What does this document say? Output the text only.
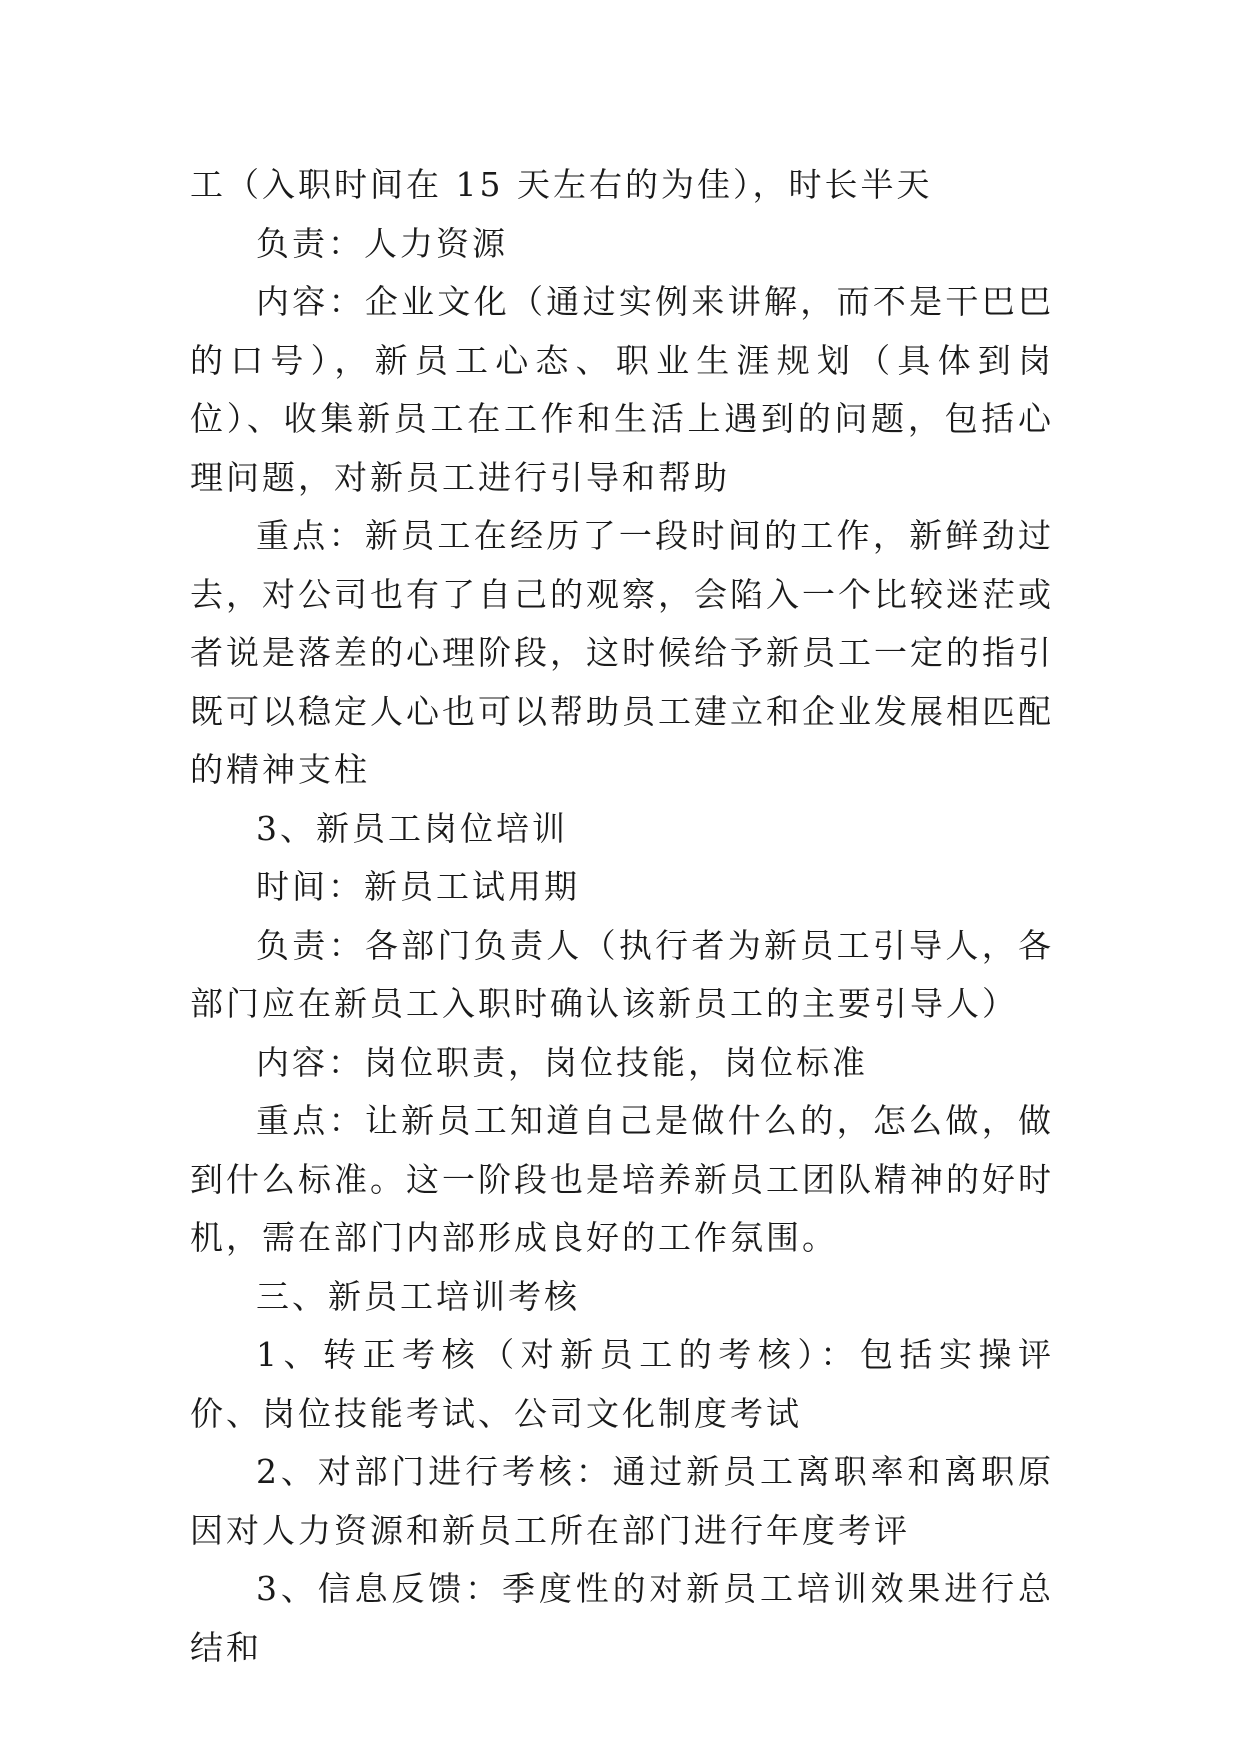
工（入职时间在 15 天左右的为佳），时长半天

负责：人力资源

内容：企业文化（通过实例来讲解，而不是干巴巴的口号），新员工心态、职业生涯规划（具体到岗位）、收集新员工在工作和生活上遇到的问题，包括心理问题，对新员工进行引导和帮助

重点：新员工在经历了一段时间的工作，新鲜劲过去，对公司也有了自己的观察，会陷入一个比较迷茫或者说是落差的心理阶段，这时候给予新员工一定的指引既可以稳定人心也可以帮助员工建立和企业发展相匹配的精神支柱

3、新员工岗位培训

时间：新员工试用期

负责：各部门负责人（执行者为新员工引导人，各部门应在新员工入职时确认该新员工的主要引导人）

内容：岗位职责，岗位技能，岗位标准

重点：让新员工知道自己是做什么的，怎么做，做到什么标准。这一阶段也是培养新员工团队精神的好时机，需在部门内部形成良好的工作氛围。

三、新员工培训考核

1、转正考核（对新员工的考核）：包括实操评价、岗位技能考试、公司文化制度考试

2、对部门进行考核：通过新员工离职率和离职原因对人力资源和新员工所在部门进行年度考评

3、信息反馈：季度性的对新员工培训效果进行总结和
